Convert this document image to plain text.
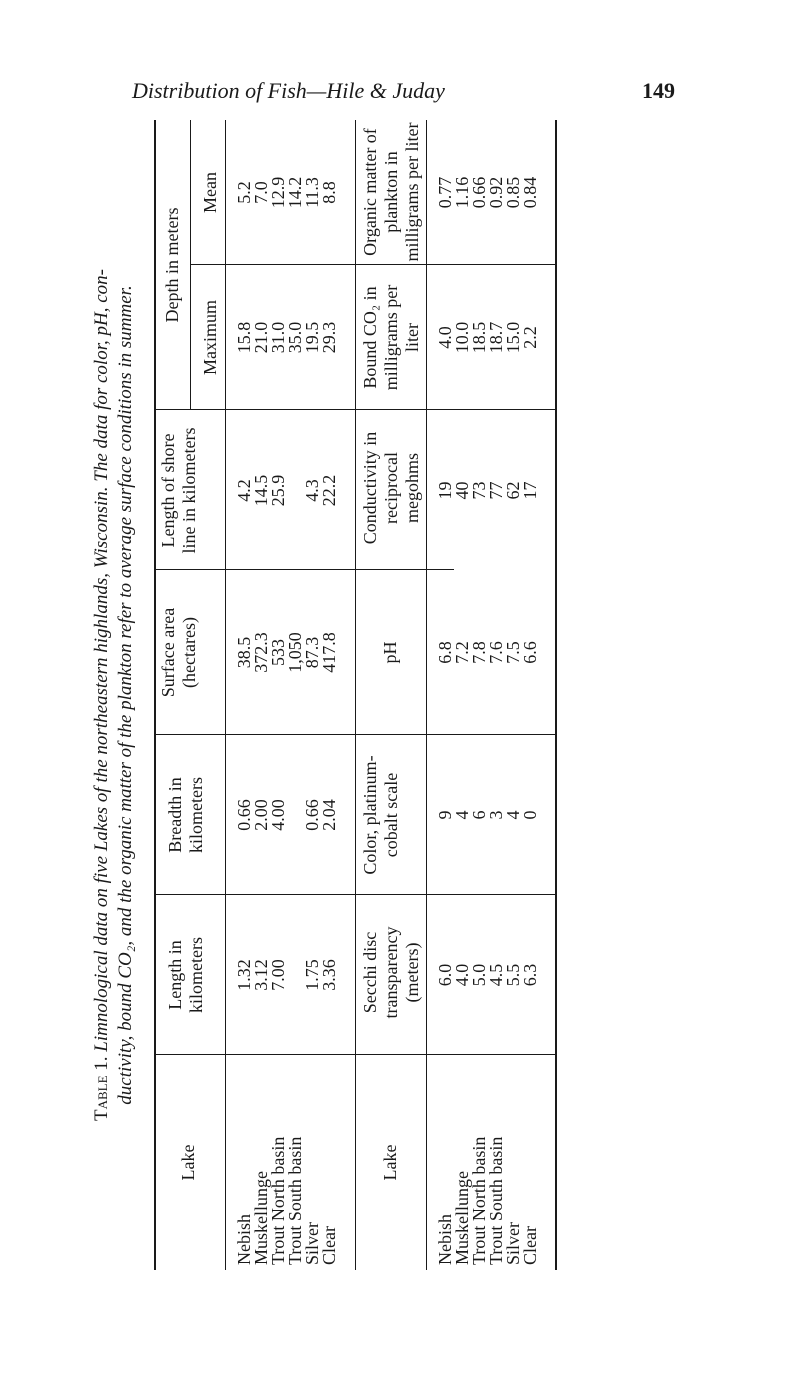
Distribution of Fish—Hile & Juday	149
Table 1. Limnological data on five Lakes of the northeastern highlands, Wisconsin. The data for color, pH, con- ductivity, bound CO₂, and the organic matter of the plankton refer to average surface conditions in summer.
Lake
Length in kilometers
Breadth in kilometers
Surface area (hectares)
Length of shore line in kilometers
Depth in meters
Maximum
Mean
Nebish
Muskellunge
Trout North basin
Trout South basin
Silver
Clear
1.32
3.12
7.00

1.75
3.36
0.66
2.00
4.00

0.66
2.04
38.5
372.3
533
1,050
87.3
417.8
4.2
14.5
25.9

4.3
22.2
15.8
21.0
31.0
35.0
19.5
29.3
5.2
7.0
12.9
14.2
11.3
8.8
Lake
Secchi disc transparency (meters)
Color, platinum-cobalt scale
pH
Conductivity in reciprocal megohms
Bound CO₂ in milligrams per liter
Organic matter of plankton in milligrams per liter
Nebish
Muskellunge
Trout North basin
Trout South basin
Silver
Clear
6.0
4.0
5.0
4.5
5.5
6.3
9
4
6
3
4
0
6.8
7.2
7.8
7.6
7.5
6.6
19
40
73
77
62
17
4.0
10.0
18.5
18.7
15.0
2.2
0.77
1.16
0.66
0.92
0.85
0.84
